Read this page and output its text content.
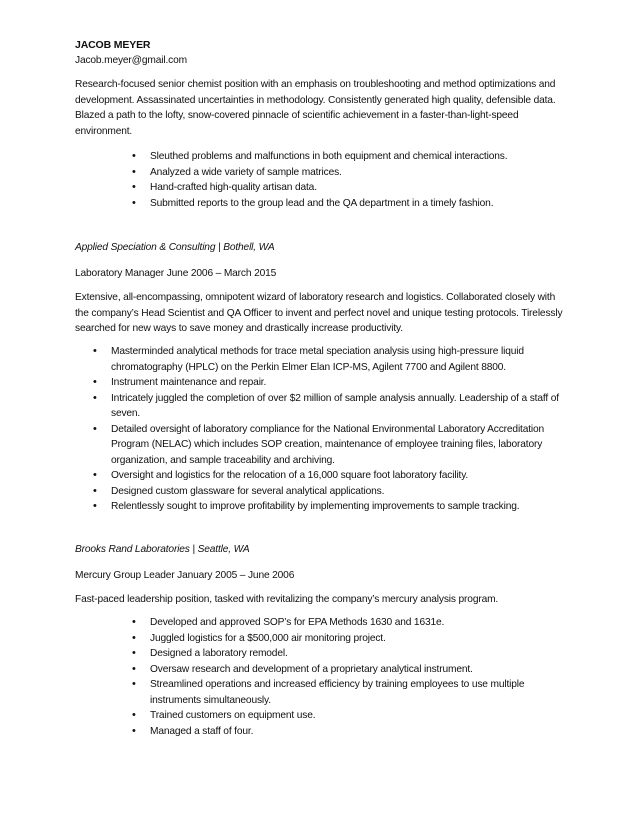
JACOB MEYER

Jacob.meyer@gmail.com

Research-focused senior chemist position with an emphasis on troubleshooting and method optimizations and development. Assassinated uncertainties in methodology. Consistently generated high quality, defensible data. Blazed a path to the lofty, snow-covered pinnacle of scientific achievement in a faster-than-light-speed environment.

• Sleuthed problems and malfunctions in both equipment and chemical interactions.
• Analyzed a wide variety of sample matrices.
• Hand-crafted high-quality artisan data.
• Submitted reports to the group lead and the QA department in a timely fashion.

Applied Speciation & Consulting | Bothell, WA

Laboratory Manager June 2006 – March 2015

Extensive, all-encompassing, omnipotent wizard of laboratory research and logistics. Collaborated closely with the company’s Head Scientist and QA Officer to invent and perfect novel and unique testing protocols. Tirelessly searched for new ways to save money and drastically increase productivity.

• Masterminded analytical methods for trace metal speciation analysis using high-pressure liquid chromatography (HPLC) on the Perkin Elmer Elan ICP-MS, Agilent 7700 and Agilent 8800.
• Instrument maintenance and repair.
• Intricately juggled the completion of over $2 million of sample analysis annually. Leadership of a staff of seven.
• Detailed oversight of laboratory compliance for the National Environmental Laboratory Accreditation Program (NELAC) which includes SOP creation, maintenance of employee training files, laboratory organization, and sample traceability and archiving.
• Oversight and logistics for the relocation of a 16,000 square foot laboratory facility.
• Designed custom glassware for several analytical applications.
• Relentlessly sought to improve profitability by implementing improvements to sample tracking.

Brooks Rand Laboratories | Seattle, WA

Mercury Group Leader January 2005 – June 2006

Fast-paced leadership position, tasked with revitalizing the company’s mercury analysis program.

• Developed and approved SOP’s for EPA Methods 1630 and 1631e.
• Juggled logistics for a $500,000 air monitoring project.
• Designed a laboratory remodel.
• Oversaw research and development of a proprietary analytical instrument.
• Streamlined operations and increased efficiency by training employees to use multiple instruments simultaneously.
• Trained customers on equipment use.
• Managed a staff of four.
